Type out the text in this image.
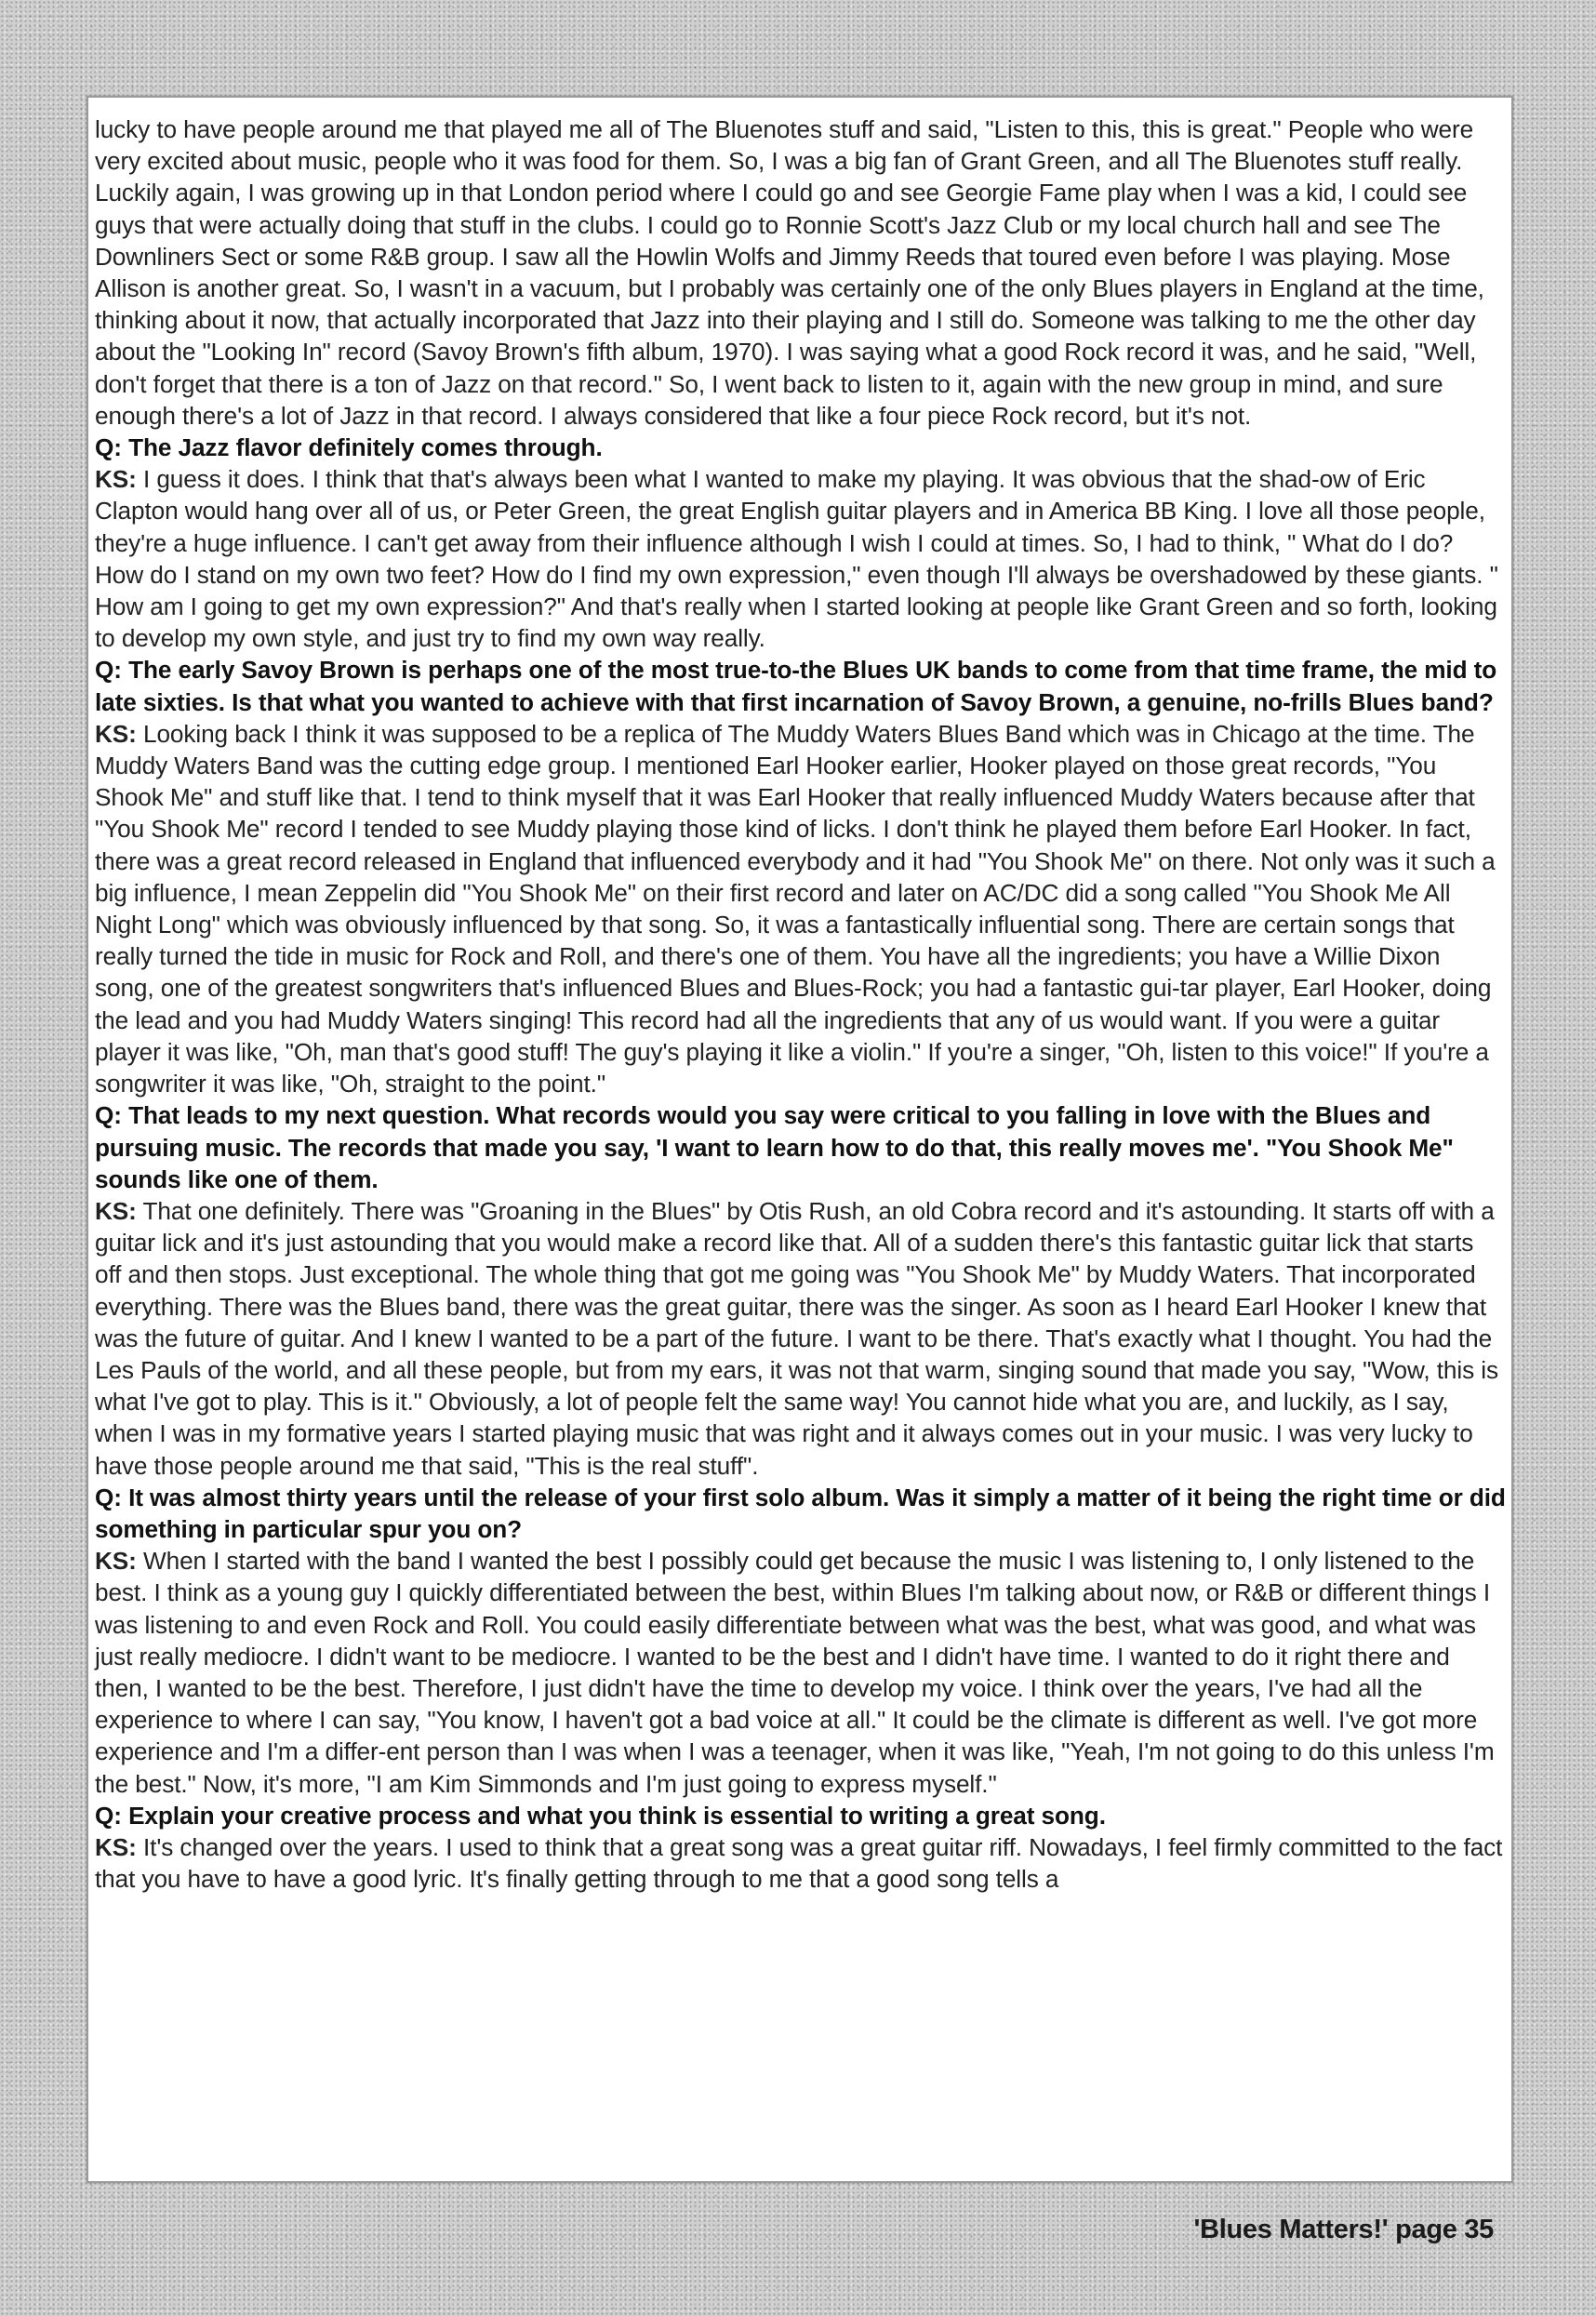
lucky to have people around me that played me all of The Bluenotes stuff and said, "Listen to this, this is great." People who were very excited about music, people who it was food for them. So, I was a big fan of Grant Green, and all The Bluenotes stuff really. Luckily again, I was growing up in that London period where I could go and see Georgie Fame play when I was a kid, I could see guys that were actually doing that stuff in the clubs. I could go to Ronnie Scott's Jazz Club or my local church hall and see The Downliners Sect or some R&B group. I saw all the Howlin Wolfs and Jimmy Reeds that toured even before I was playing. Mose Allison is another great. So, I wasn't in a vacuum, but I probably was certainly one of the only Blues players in England at the time, thinking about it now, that actually incorporated that Jazz into their playing and I still do. Someone was talking to me the other day about the "Looking In" record (Savoy Brown's fifth album, 1970). I was saying what a good Rock record it was, and he said, "Well, don't forget that there is a ton of Jazz on that record." So, I went back to listen to it, again with the new group in mind, and sure enough there's a lot of Jazz in that record. I always considered that like a four piece Rock record, but it's not.

Q: The Jazz flavor definitely comes through.

KS: I guess it does. I think that that's always been what I wanted to make my playing. It was obvious that the shad-ow of Eric Clapton would hang over all of us, or Peter Green, the great English guitar players and in America BB King. I love all those people, they're a huge influence. I can't get away from their influence although I wish I could at times. So, I had to think, " What do I do? How do I stand on my own two feet? How do I find my own expression," even though I'll always be overshadowed by these giants. " How am I going to get my own expression?" And that's really when I started looking at people like Grant Green and so forth, looking to develop my own style, and just try to find my own way really.

Q: The early Savoy Brown is perhaps one of the most true-to-the Blues UK bands to come from that time frame, the mid to late sixties. Is that what you wanted to achieve with that first incarnation of Savoy Brown, a genuine, no-frills Blues band?

KS: Looking back I think it was supposed to be a replica of The Muddy Waters Blues Band which was in Chicago at the time. The Muddy Waters Band was the cutting edge group. I mentioned Earl Hooker earlier, Hooker played on those great records, "You Shook Me" and stuff like that. I tend to think myself that it was Earl Hooker that really influenced Muddy Waters because after that "You Shook Me" record I tended to see Muddy playing those kind of licks. I don't think he played them before Earl Hooker. In fact, there was a great record released in England that influenced everybody and it had "You Shook Me" on there. Not only was it such a big influence, I mean Zeppelin did "You Shook Me" on their first record and later on AC/DC did a song called "You Shook Me All Night Long" which was obviously influenced by that song. So, it was a fantastically influential song. There are certain songs that really turned the tide in music for Rock and Roll, and there's one of them. You have all the ingredients; you have a Willie Dixon song, one of the greatest songwriters that's influenced Blues and Blues-Rock; you had a fantastic gui-tar player, Earl Hooker, doing the lead and you had Muddy Waters singing! This record had all the ingredients that any of us would want. If you were a guitar player it was like, "Oh, man that's good stuff! The guy's playing it like a violin." If you're a singer, "Oh, listen to this voice!" If you're a songwriter it was like, "Oh, straight to the point."

Q: That leads to my next question. What records would you say were critical to you falling in love with the Blues and pursuing music. The records that made you say, 'I want to learn how to do that, this really moves me'. "You Shook Me" sounds like one of them.

KS: That one definitely. There was "Groaning in the Blues" by Otis Rush, an old Cobra record and it's astounding. It starts off with a guitar lick and it's just astounding that you would make a record like that. All of a sudden there's this fantastic guitar lick that starts off and then stops. Just exceptional. The whole thing that got me going was "You Shook Me" by Muddy Waters. That incorporated everything. There was the Blues band, there was the great guitar, there was the singer. As soon as I heard Earl Hooker I knew that was the future of guitar. And I knew I wanted to be a part of the future. I want to be there. That's exactly what I thought. You had the Les Pauls of the world, and all these people, but from my ears, it was not that warm, singing sound that made you say, "Wow, this is what I've got to play. This is it." Obviously, a lot of people felt the same way! You cannot hide what you are, and luckily, as I say, when I was in my formative years I started playing music that was right and it always comes out in your music. I was very lucky to have those people around me that said, "This is the real stuff".

Q: It was almost thirty years until the release of your first solo album. Was it simply a matter of it being the right time or did something in particular spur you on?

KS: When I started with the band I wanted the best I possibly could get because the music I was listening to, I only listened to the best. I think as a young guy I quickly differentiated between the best, within Blues I'm talking about now, or R&B or different things I was listening to and even Rock and Roll. You could easily differentiate between what was the best, what was good, and what was just really mediocre. I didn't want to be mediocre. I wanted to be the best and I didn't have time. I wanted to do it right there and then, I wanted to be the best. Therefore, I just didn't have the time to develop my voice. I think over the years, I've had all the experience to where I can say, "You know, I haven't got a bad voice at all." It could be the climate is different as well. I've got more experience and I'm a differ-ent person than I was when I was a teenager, when it was like, "Yeah, I'm not going to do this unless I'm the best." Now, it's more, "I am Kim Simmonds and I'm just going to express myself."

Q: Explain your creative process and what you think is essential to writing a great song.

KS: It's changed over the years. I used to think that a great song was a great guitar riff. Nowadays, I feel firmly committed to the fact that you have to have a good lyric. It's finally getting through to me that a good song tells a

'Blues Matters!' page 35
